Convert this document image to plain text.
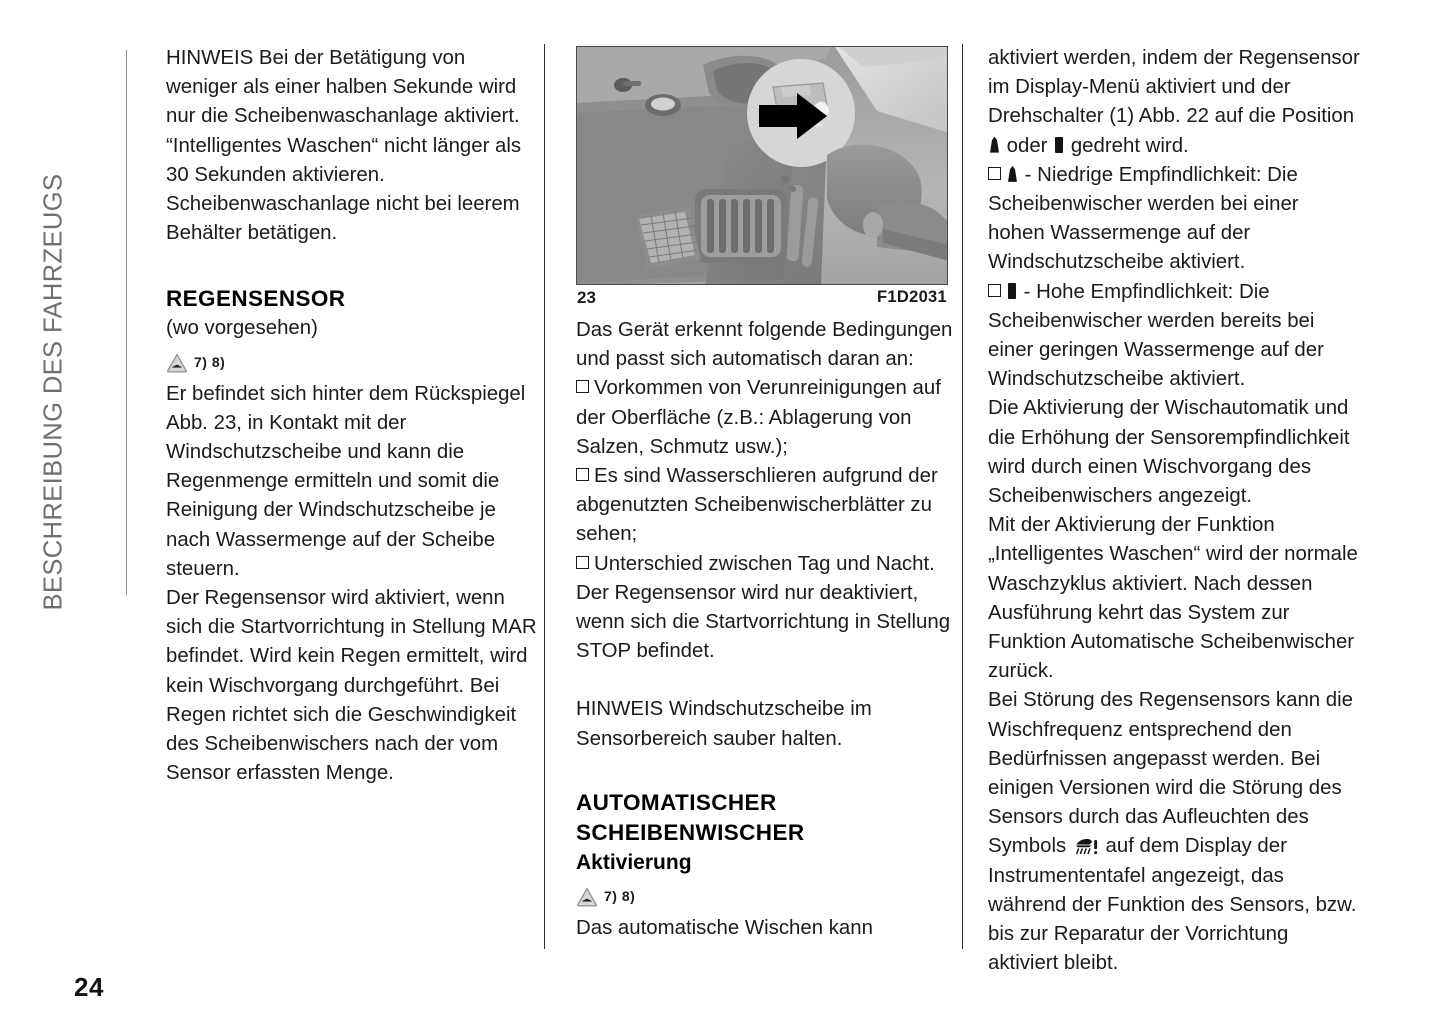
BESCHREIBUNG DES FAHRZEUGS

HINWEIS Bei der Betätigung von weniger als einer halben Sekunde wird nur die Scheibenwaschanlage aktiviert. “Intelligentes Waschen“ nicht länger als 30 Sekunden aktivieren. Scheibenwaschanlage nicht bei leerem Behälter betätigen.

REGENSENSOR

(wo vorgesehen)

7) 8)

Er befindet sich hinter dem Rückspiegel Abb. 23, in Kontakt mit der Windschutzscheibe und kann die Regenmenge ermitteln und somit die Reinigung der Windschutzscheibe je nach Wassermenge auf der Scheibe steuern.

Der Regensensor wird aktiviert, wenn sich die Startvorrichtung in Stellung MAR befindet. Wird kein Regen ermittelt, wird kein Wischvorgang durchgeführt. Bei Regen richtet sich die Geschwindigkeit des Scheibenwischers nach der vom Sensor erfassten Menge.

23	F1D2031

Das Gerät erkennt folgende Bedingungen und passt sich automatisch daran an:

Vorkommen von Verunreinigungen auf der Oberfläche (z.B.: Ablagerung von Salzen, Schmutz usw.);

Es sind Wasserschlieren aufgrund der abgenutzten Scheibenwischerblätter zu sehen;

Unterschied zwischen Tag und Nacht.

Der Regensensor wird nur deaktiviert, wenn sich die Startvorrichtung in Stellung STOP befindet.

HINWEIS Windschutzscheibe im Sensorbereich sauber halten.

AUTOMATISCHER
SCHEIBENWISCHER
Aktivierung
7) 8)

Das automatische Wischen kann

aktiviert werden, indem der Regensensor im Display-Menü aktiviert und der Drehschalter (1) Abb. 22 auf die Position  oder  gedreht wird.

- Niedrige Empfindlichkeit: Die Scheibenwischer werden bei einer hohen Wassermenge auf der Windschutzscheibe aktiviert.

- Hohe Empfindlichkeit: Die Scheibenwischer werden bereits bei einer geringen Wassermenge auf der Windschutzscheibe aktiviert.

Die Aktivierung der Wischautomatik und die Erhöhung der Sensorempfindlichkeit wird durch einen Wischvorgang des Scheibenwischers angezeigt.

Mit der Aktivierung der Funktion „Intelligentes Waschen“ wird der normale Waschzyklus aktiviert. Nach dessen Ausführung kehrt das System zur Funktion Automatische Scheibenwischer zurück.

Bei Störung des Regensensors kann die Wischfrequenz entsprechend den Bedürfnissen angepasst werden. Bei einigen Versionen wird die Störung des Sensors durch das Aufleuchten des Symbols  auf dem Display der Instrumententafel angezeigt, das während der Funktion des Sensors, bzw. bis zur Reparatur der Vorrichtung aktiviert bleibt.

24
